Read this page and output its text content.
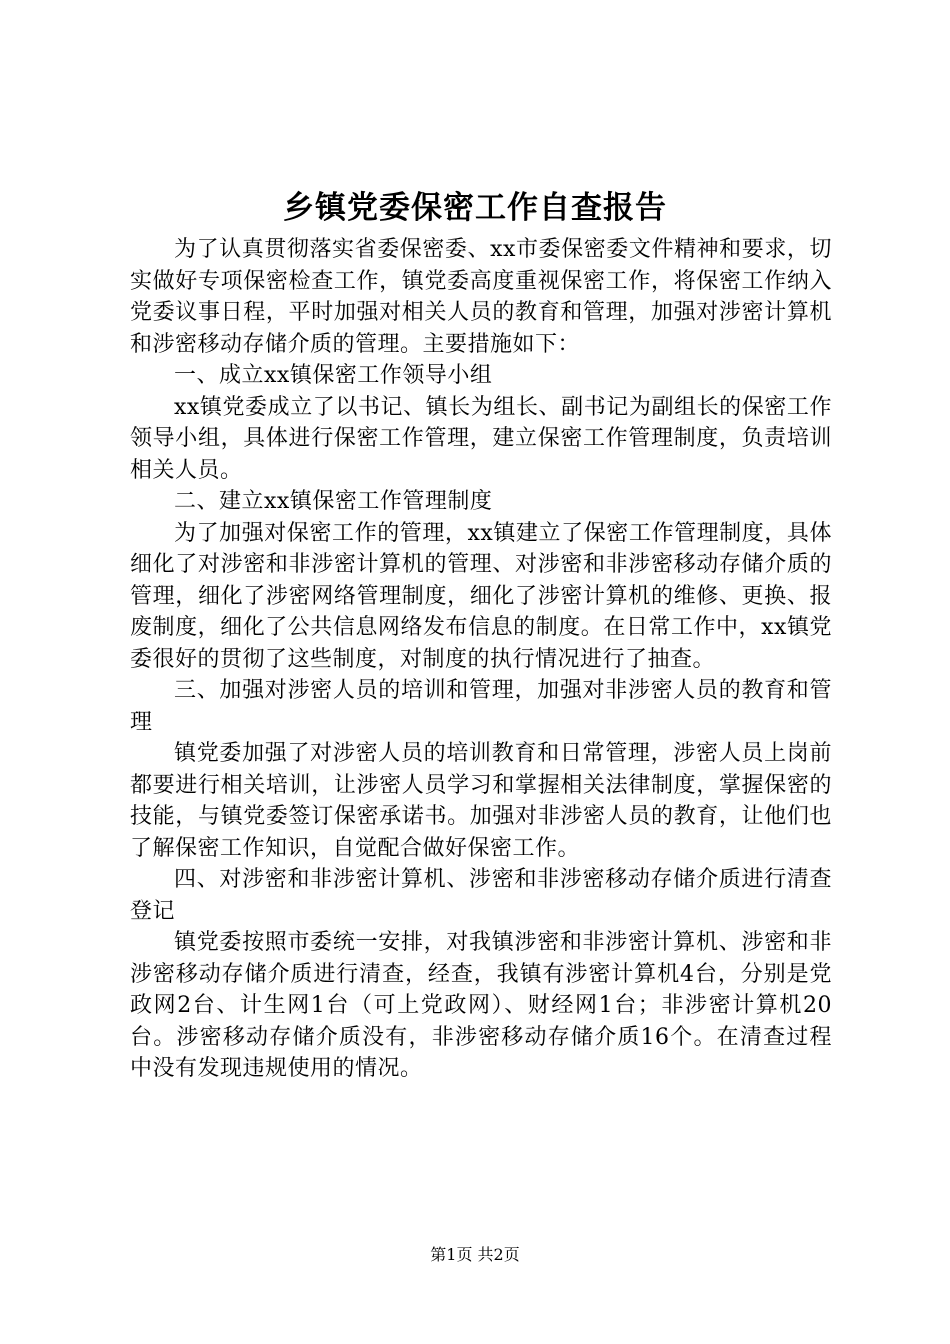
乡镇党委保密工作自查报告

为了认真贯彻落实省委保密委、xx市委保密委文件精神和要求，切实做好专项保密检查工作，镇党委高度重视保密工作，将保密工作纳入党委议事日程，平时加强对相关人员的教育和管理，加强对涉密计算机和涉密移动存储介质的管理。主要措施如下：

一、成立xx镇保密工作领导小组

xx镇党委成立了以书记、镇长为组长、副书记为副组长的保密工作领导小组，具体进行保密工作管理，建立保密工作管理制度，负责培训相关人员。

二、建立xx镇保密工作管理制度

为了加强对保密工作的管理，xx镇建立了保密工作管理制度，具体细化了对涉密和非涉密计算机的管理、对涉密和非涉密移动存储介质的管理，细化了涉密网络管理制度，细化了涉密计算机的维修、更换、报废制度，细化了公共信息网络发布信息的制度。在日常工作中，xx镇党委很好的贯彻了这些制度，对制度的执行情况进行了抽查。

三、加强对涉密人员的培训和管理，加强对非涉密人员的教育和管理

镇党委加强了对涉密人员的培训教育和日常管理，涉密人员上岗前都要进行相关培训，让涉密人员学习和掌握相关法律制度，掌握保密的技能，与镇党委签订保密承诺书。加强对非涉密人员的教育，让他们也了解保密工作知识，自觉配合做好保密工作。

四、对涉密和非涉密计算机、涉密和非涉密移动存储介质进行清查登记

镇党委按照市委统一安排，对我镇涉密和非涉密计算机、涉密和非涉密移动存储介质进行清查，经查，我镇有涉密计算机4台，分别是党政网2台、计生网1台（可上党政网）、财经网1台；非涉密计算机20台。涉密移动存储介质没有，非涉密移动存储介质16个。在清查过程中没有发现违规使用的情况。

第1页 共2页
